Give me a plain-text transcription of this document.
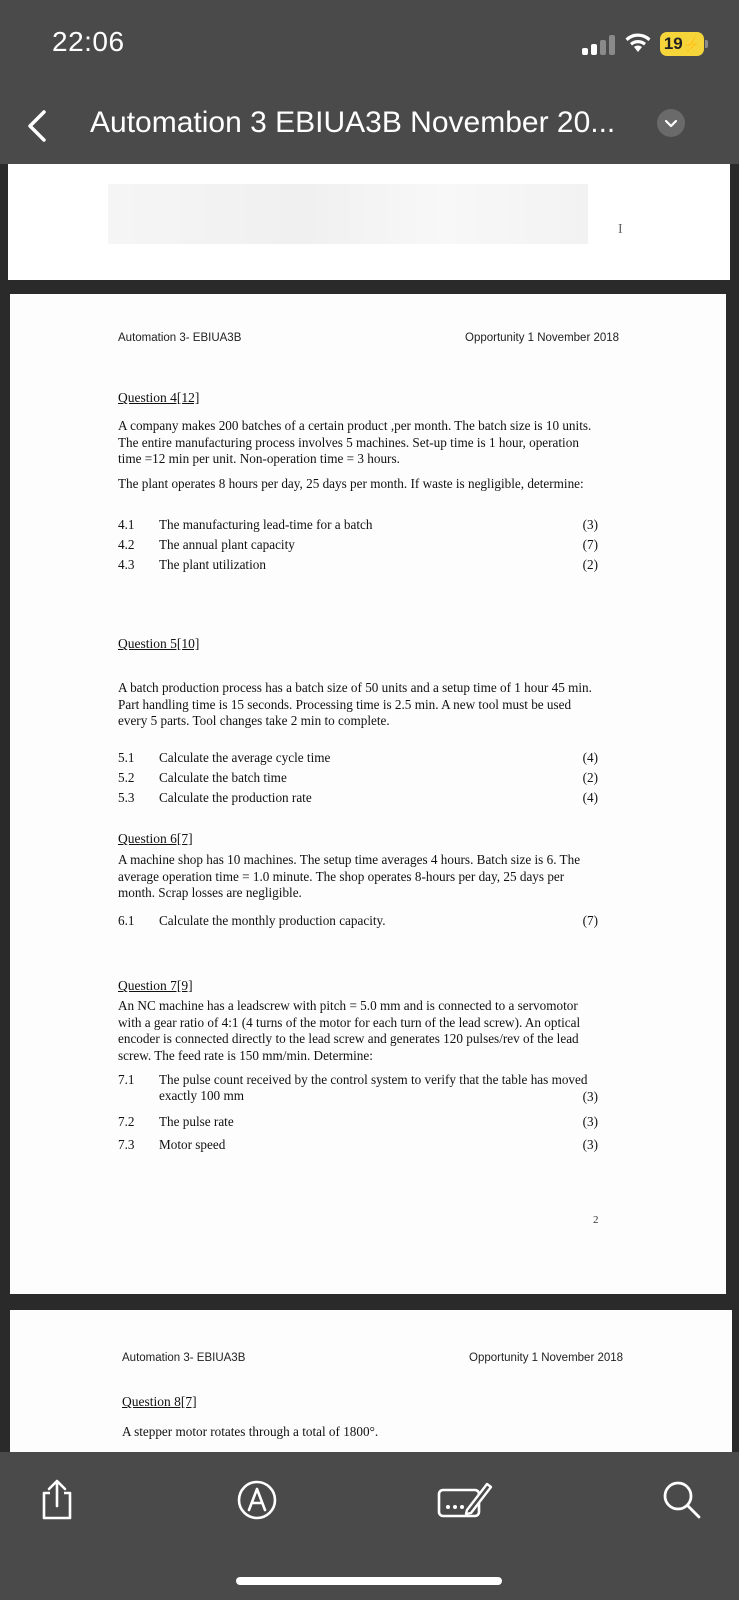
22:06	19⚡
Automation 3 EBIUA3B November 20...
I
Automation 3- EBIUA3B	Opportunity 1 November 2018
Question 4[12]
A company makes 200 batches of a certain product ,per month. The batch size is 10 units. The entire manufacturing process involves 5 machines. Set-up time is 1 hour, operation time =12 min per unit. Non-operation time = 3 hours.
The plant operates 8 hours per day, 25 days per month. If waste is negligible, determine:
4.1	The manufacturing lead-time for a batch	(3)
4.2	The annual plant capacity	(7)
4.3	The plant utilization	(2)
Question 5[10]
A batch production process has a batch size of 50 units and a setup time of 1 hour 45 min. Part handling time is 15 seconds. Processing time is 2.5 min. A new tool must be used every 5 parts. Tool changes take 2 min to complete.
5.1	Calculate the average cycle time	(4)
5.2	Calculate the batch time	(2)
5.3	Calculate the production rate	(4)
Question 6[7]
A machine shop has 10 machines. The setup time averages 4 hours. Batch size is 6. The average operation time = 1.0 minute. The shop operates 8-hours per day, 25 days per month. Scrap losses are negligible.
6.1	Calculate the monthly production capacity.	(7)
Question 7[9]
An NC machine has a leadscrew with pitch = 5.0 mm and is connected to a servomotor with a gear ratio of 4:1 (4 turns of the motor for each turn of the lead screw). An optical encoder is connected directly to the lead screw and generates 120 pulses/rev of the lead screw. The feed rate is 150 mm/min. Determine:
7.1	The pulse count received by the control system to verify that the table has moved exactly 100 mm	(3)
7.2	The pulse rate	(3)
7.3	Motor speed	(3)
2
Automation 3- EBIUA3B	Opportunity 1 November 2018
Question 8[7]
A stepper motor rotates through a total of 1800°.
